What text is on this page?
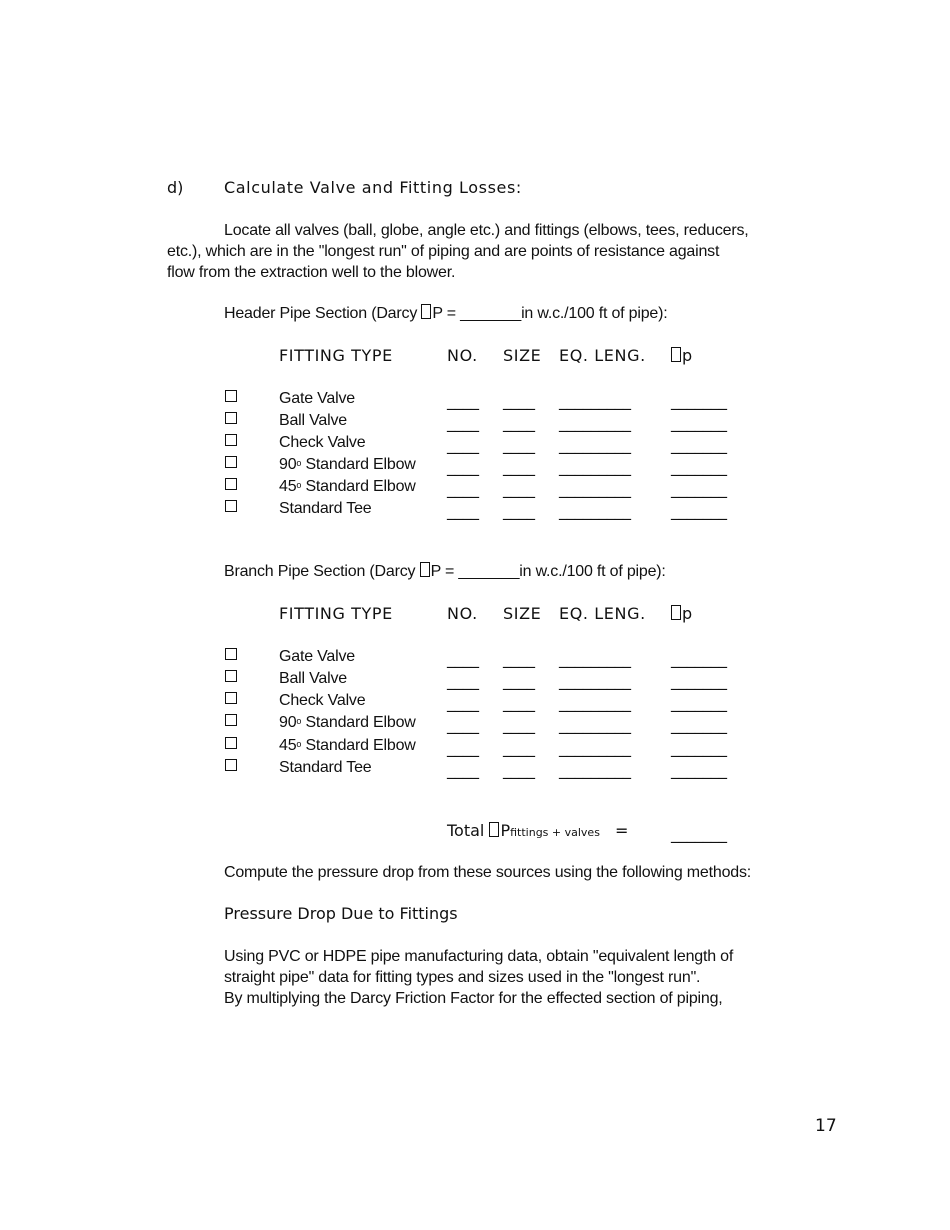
d)	Calculate Valve and Fitting Losses:
Locate all valves (ball, globe, angle etc.) and fittings (elbows, tees, reducers,
etc.), which are in the "longest run" of piping and are points of resistance against
flow from the extraction well to the blower.
Header Pipe Section (Darcy P = _______in w.c./100 ft of pipe):
FITTING TYPE	NO. SIZE EQ. LENG.	p
Gate Valve	____ ____ _________	_______
Ball Valve	____ ____ _________	_______
Check Valve	____ ____ _________	_______
90$^o$ Standard Elbow ____ ____ _________	_______
45$^o$ Standard Elbow ____ ____ _________	_______
Standard Tee	____ ____ _________	_______
Branch Pipe Section (Darcy P = _______in w.c./100 ft of pipe):
FITTING TYPE	NO. SIZE EQ. LENG.	p
Gate Valve	____ ____ _________	_______
Ball Valve	____ ____ _________	_______
Check Valve	____ ____ _________	_______
90$^o$ Standard Elbow ____ ____ _________	_______
45$^o$ Standard Elbow ____ ____ _________	_______
Standard Tee	____ ____ _________	_______
Total Pfittings + valves =	_______
Compute the pressure drop from these sources using the following methods:
Pressure Drop Due to Fittings
Using PVC or HDPE pipe manufacturing data, obtain "equivalent length of
straight pipe" data for fitting types and sizes used in the "longest run".
By multiplying the Darcy Friction Factor for the effected section of piping,
17
